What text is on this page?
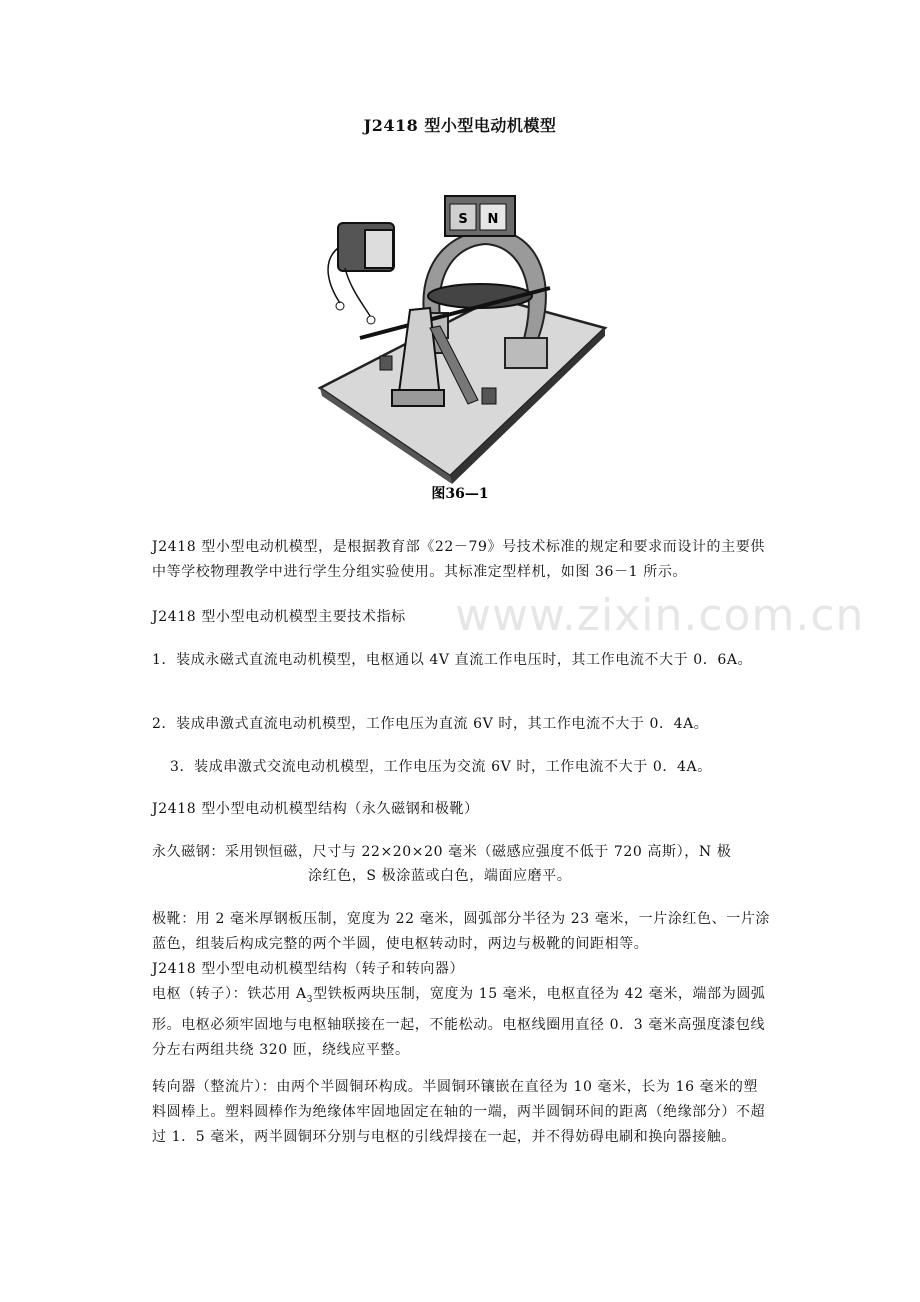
J2418 型小型电动机模型
S N
图36—1
www.zixin.com.cn

J2418 型小型电动机模型，是根据教育部《22－79》号技术标准的规定和要求而设计的主要供中等学校物理教学中进行学生分组实验使用。其标准定型样机，如图 36－1 所示。

J2418 型小型电动机模型主要技术指标

1．装成永磁式直流电动机模型，电枢通以 4V 直流工作电压时，其工作电流不大于 0．6A。

2．装成串激式直流电动机模型，工作电压为直流 6V 时，其工作电流不大于 0．4A。

3．装成串激式交流电动机模型，工作电压为交流 6V 时，工作电流不大于 0．4A。

J2418 型小型电动机模型结构（永久磁钢和极靴）

永久磁钢：采用钡恒磁，尺寸与 22×20×20 毫米（磁感应强度不低于 720 高斯），N 极

涂红色，S 极涂蓝或白色，端面应磨平。

极靴：用 2 毫米厚钢板压制，宽度为 22 毫米，圆弧部分半径为 23 毫米，一片涂红色、一片涂蓝色，组装后构成完整的两个半圆，使电枢转动时，两边与极靴的间距相等。

J2418 型小型电动机模型结构（转子和转向器）

电枢（转子）：铁芯用 $A_3$型铁板两块压制，宽度为 15 毫米，电枢直径为 42 毫米，端部为圆弧形。电枢必须牢固地与电枢轴联接在一起，不能松动。电枢线圈用直径 0．3 毫米高强度漆包线分左右两组共绕 320 匝，绕线应平整。

转向器（整流片）：由两个半圆铜环构成。半圆铜环镶嵌在直径为 10 毫米，长为 16 毫米的塑料圆棒上。塑料圆棒作为绝缘体牢固地固定在轴的一端，两半圆铜环间的距离（绝缘部分）不超过 1．5 毫米，两半圆铜环分别与电枢的引线焊接在一起，并不得妨碍电刷和换向器接触。
